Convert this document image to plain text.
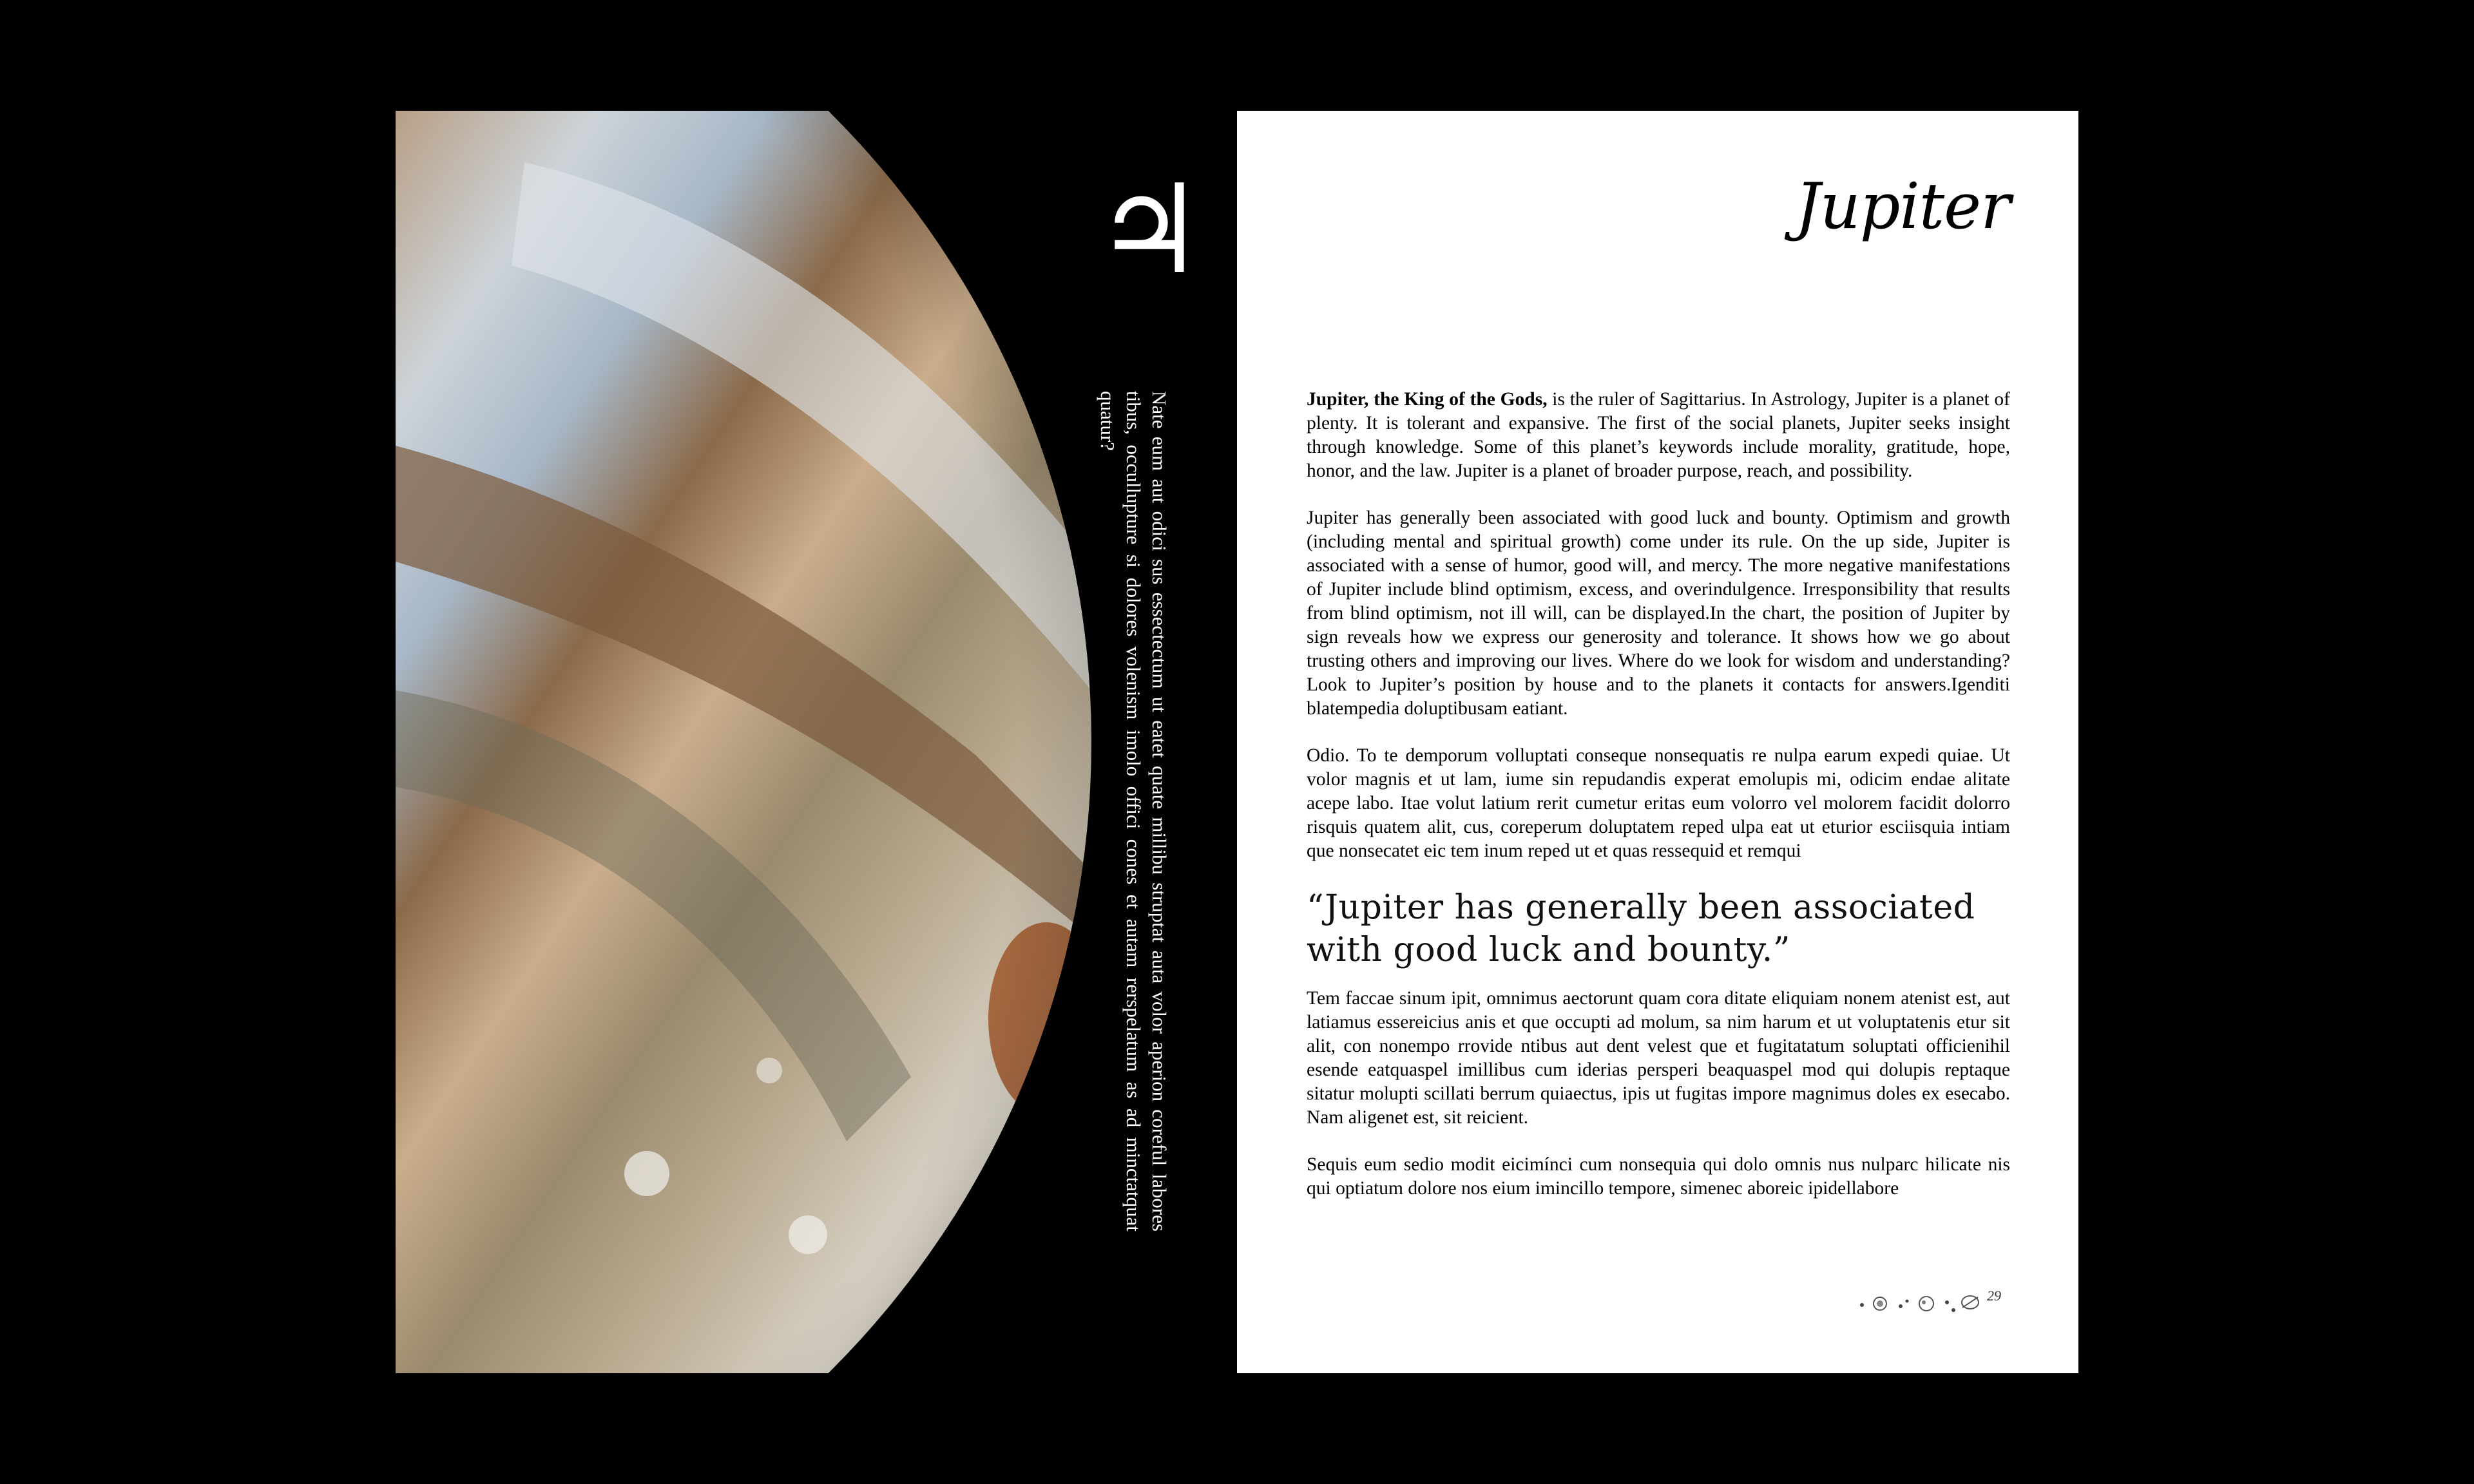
♃
Nate eum aut odici sus essectectum ut eatet quate millibu struptat auta volor aperion coreful labores tibus, occullupture si dolores volenism imolo offici cones et autam rerspelatum as ad minctatquat quatur?
Jupiter

Jupiter, the King of the Gods, is the ruler of Sagittarius. In Astrology, Jupiter is a planet of plenty. It is tolerant and expansive. The first of the social planets, Jupiter seeks insight through knowledge. Some of this planet’s keywords include morality, gratitude, hope, honor, and the law. Jupiter is a planet of broader purpose, reach, and possibility.

Jupiter has generally been associated with good luck and bounty. Optimism and growth (including mental and spiritual growth) come under its rule. On the up side, Jupiter is associated with a sense of humor, good will, and mercy. The more negative manifestations of Jupiter include blind optimism, excess, and overindulgence. Irresponsibility that results from blind optimism, not ill will, can be displayed.In the chart, the position of Jupiter by sign reveals how we express our generosity and tolerance. It shows how we go about trusting others and improving our lives. Where do we look for wisdom and understanding? Look to Jupiter’s position by house and to the planets it contacts for answers.Igenditi blatempedia doluptibusam eatiant.

Odio. To te demporum volluptati conseque nonsequatis re nulpa earum expedi quiae. Ut volor magnis et ut lam, iume sin repudandis experat emolupis mi, odicim endae alitate acepe labo. Itae volut latium rerit cumetur eritas eum volorro vel molorem facidit dolorro risquis quatem alit, cus, coreperum doluptatem reped ulpa eat ut eturior esciisquia intiam que nonsecatet eic tem inum reped ut et quas ressequid et remqui

“Jupiter has generally been associated with good luck and bounty.”

Tem faccae sinum ipit, omnimus aectorunt quam cora ditate eliquiam nonem atenist est, aut latiamus essereicius anis et que occupti ad molum, sa nim harum et ut voluptatenis etur sit alit, con nonempo rrovide ntibus aut dent velest que et fugitatatum soluptati officienihil esende eatquaspel imillibus cum iderias persperi beaquaspel mod qui dolupis reptaque sitatur molupti scillati berrum quiaectus, ipis ut fugitas impore magnimus doles ex esecabo. Nam aligenet est, sit reicient.

Sequis eum sedio modit eicimínci cum nonsequia qui dolo omnis nus nulparc hilicate nis qui optiatum dolore nos eium imincillo tempore, simenec aboreic ipidellabore

29
